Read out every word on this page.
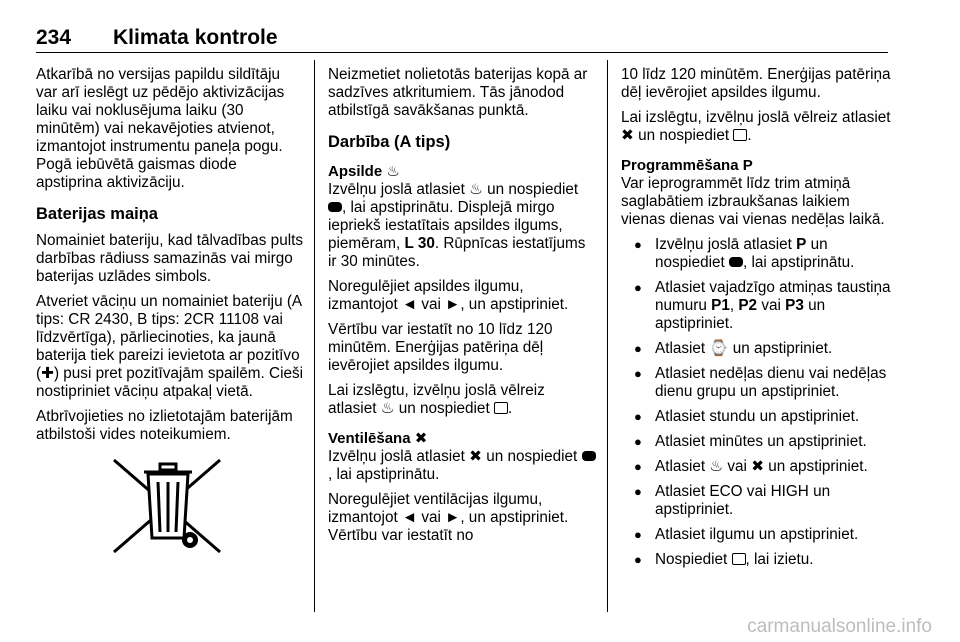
234 Klimata kontrole

Atkarībā no versijas papildu sildītāju var arī ieslēgt uz pēdējo aktivizācijas laiku vai noklusējuma laiku (30 minūtēm) vai nekavējoties atvienot, izmantojot instrumentu paneļa pogu. Pogā iebūvētā gaismas diode apstiprina aktivizāciju.

Baterijas maiņa

Nomainiet bateriju, kad tālvadības pults darbības rādiuss samazinās vai mirgo baterijas uzlādes simbols.

Atveriet vāciņu un nomainiet bateriju (A tips: CR 2430, B tips: 2CR 11108 vai līdzvērtīga), pārliecinoties, ka jaunā baterija tiek pareizi ievietota ar pozitīvo (✚) pusi pret pozitīvajām spailēm. Cieši nostipriniet vāciņu atpakaļ vietā.

Atbrīvojieties no izlietotajām baterijām atbilstoši vides noteikumiem.

Neizmetiet nolietotās baterijas kopā ar sadzīves atkritumiem. Tās jānodod atbilstīgā savākšanas punktā.

Darbība (A tips)
Apsilde ♨

Izvēlņu joslā atlasiet ♨ un nospiediet , lai apstiprinātu. Displejā mirgo iepriekš iestatītais apsildes ilgums, piemēram, L 30. Rūpnīcas iestatījums ir 30 minūtes.

Noregulējiet apsildes ilgumu, izmantojot ◄ vai ►, un apstipriniet.

Vērtību var iestatīt no 10 līdz 120 minūtēm. Enerģijas patēriņa dēļ ievērojiet apsildes ilgumu.

Lai izslēgtu, izvēlņu joslā vēlreiz atlasiet ♨ un nospiediet .

Ventilēšana ✖

Izvēlņu joslā atlasiet ✖ un nospiediet , lai apstiprinātu.

Noregulējiet ventilācijas ilgumu, izmantojot ◄ vai ►, un apstipriniet.
Vērtību var iestatīt no

10 līdz 120 minūtēm. Enerģijas patēriņa dēļ ievērojiet apsildes ilgumu.

Lai izslēgtu, izvēlņu joslā vēlreiz atlasiet ✖ un nospiediet .

Programmēšana P

Var ieprogrammēt līdz trim atmiņā saglabātiem izbraukšanas laikiem vienas dienas vai vienas nedēļas laikā.

● Izvēlņu joslā atlasiet P un nospiediet , lai apstiprinātu.
● Atlasiet vajadzīgo atmiņas taustiņa numuru P1, P2 vai P3 un apstipriniet.
● Atlasiet ⌚ un apstipriniet.
● Atlasiet nedēļas dienu vai nedēļas dienu grupu un apstipriniet.
● Atlasiet stundu un apstipriniet.
● Atlasiet minūtes un apstipriniet.
● Atlasiet ♨ vai ✖ un apstipriniet.
● Atlasiet ECO vai HIGH un apstipriniet.
● Atlasiet ilgumu un apstipriniet.
● Nospiediet , lai izietu.
carmanualsonline.info
